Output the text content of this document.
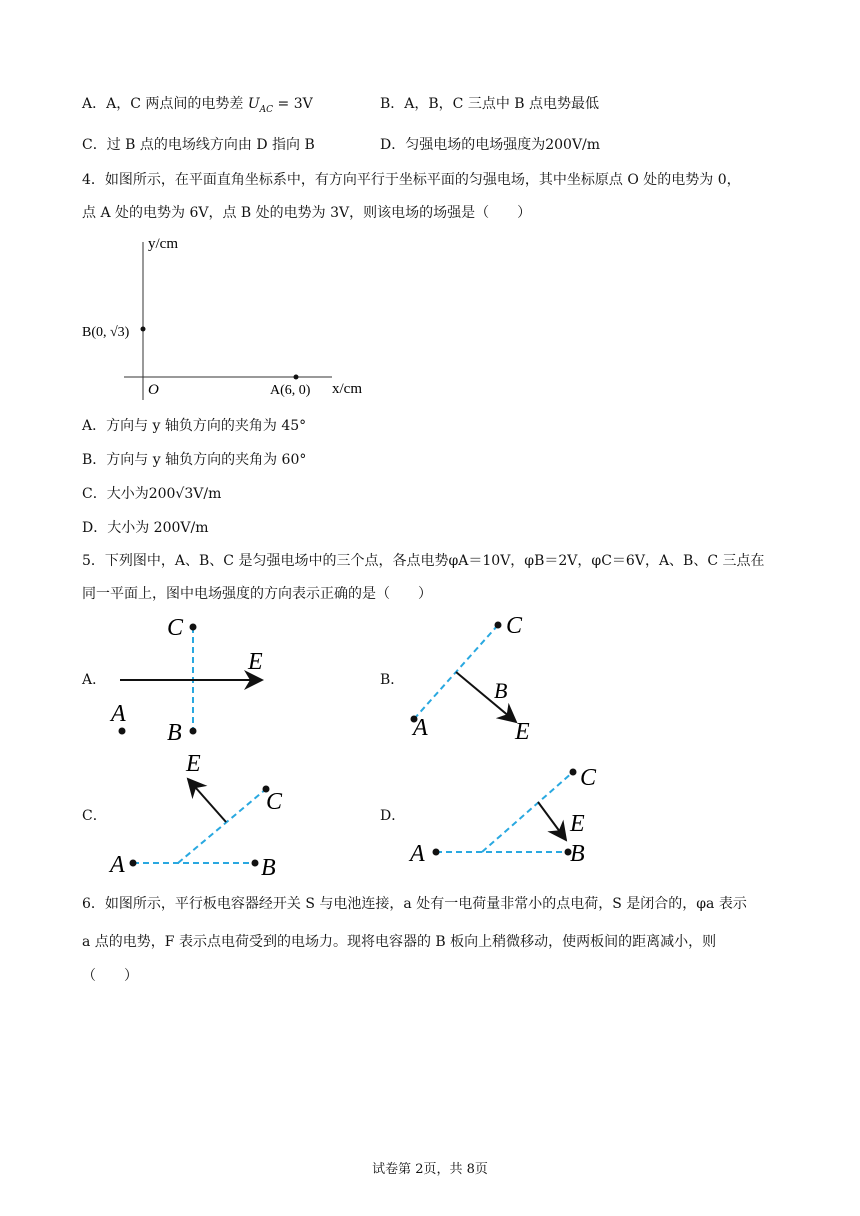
A．A，C 两点间的电势差 $U_{AC} = 3V$	B．A，B，C 三点中 B 点电势最低
C．过 B 点的电场线方向由 D 指向 B	D．匀强电场的电场强度为200V/m
4．如图所示，在平面直角坐标系中，有方向平行于坐标平面的匀强电场，其中坐标原点 O 处的电势为 0，
点 A 处的电势为 6V，点 B 处的电势为 3V，则该电场的场强是（　　）
y/cm
x/cm
O	A(6, 0)
B(0, √3)
A．方向与 y 轴负方向的夹角为 45°
B．方向与 y 轴负方向的夹角为 60°
C．大小为200√3V/m
D．大小为 200V/m
5．下列图中，A、B、C 是匀强电场中的三个点，各点电势φA＝10V，φB＝2V，φC＝6V，A、B、C 三点在
同一平面上，图中电场强度的方向表示正确的是（　　）
A．
C
B
A
E
B．
C
A
B
E
C．
A	B
C
E
D．
A	B
C
E
6．如图所示，平行板电容器经开关 S 与电池连接，a 处有一电荷量非常小的点电荷，S 是闭合的，φa 表示
a 点的电势，F 表示点电荷受到的电场力。现将电容器的 B 板向上稍微移动，使两板间的距离减小，则
（　　）
试卷第 2页，共 8页
